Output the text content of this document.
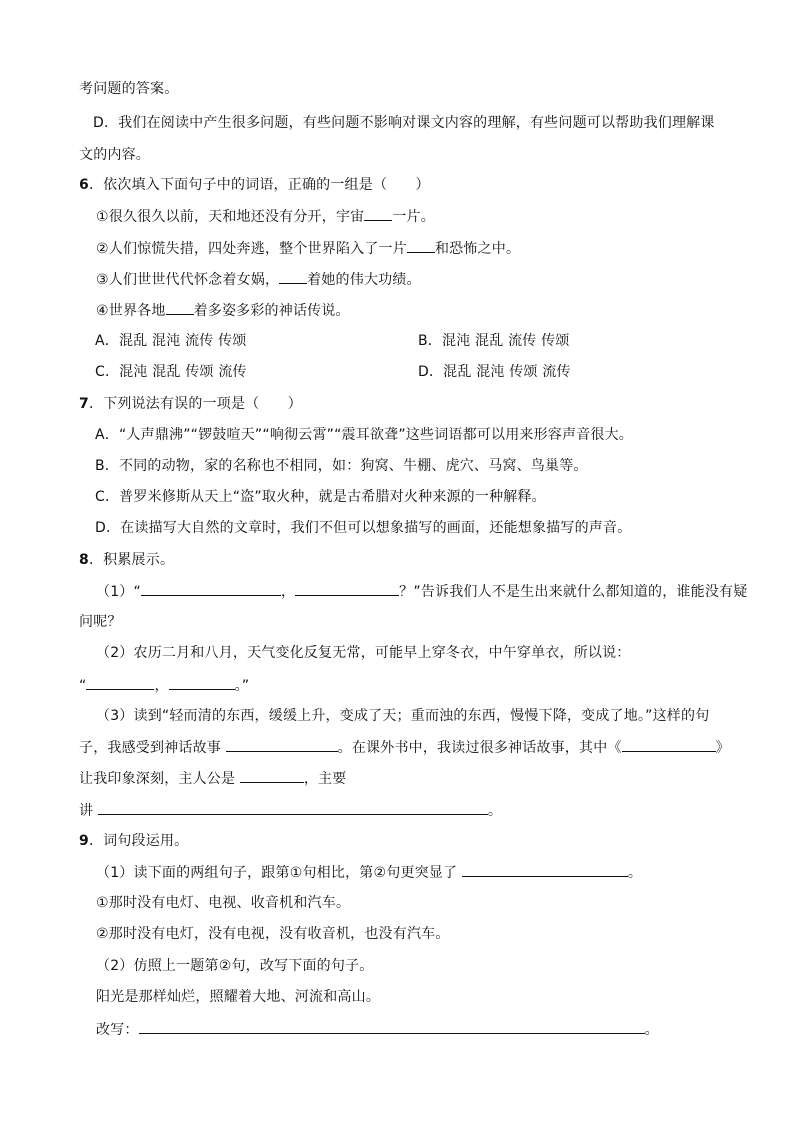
考问题的答案。
D．我们在阅读中产生很多问题，有些问题不影响对课文内容的理解，有些问题可以帮助我们理解课
文的内容。
6．依次填入下面句子中的词语，正确的一组是（　　）
①很久很久以前，天和地还没有分开，宇宙 一片。
②人们惊慌失措，四处奔逃，整个世界陷入了一片 和恐怖之中。
③人们世世代代怀念着女娲， 着她的伟大功绩。
④世界各地 着多姿多彩的神话传说。
A．混乱 混沌 流传 传颂	B．混沌 混乱 流传 传颂
C．混沌 混乱 传颂 流传	D．混乱 混沌 传颂 流传
7．下列说法有误的一项是（　　）
A．“人声鼎沸”“锣鼓喧天”“响彻云霄”“震耳欲聋”这些词语都可以用来形容声音很大。
B．不同的动物，家的名称也不相同，如：狗窝、牛棚、虎穴、马窝、鸟巢等。
C．普罗米修斯从天上“盗”取火种，就是古希腊对火种来源的一种解释。
D．在读描写大自然的文章时，我们不但可以想象描写的画面，还能想象描写的声音。
8．积累展示。
（1）“	，	？”告诉我们人不是生出来就什么都知道的，谁能没有疑
问呢？
（2）农历二月和八月，天气变化反复无常，可能早上穿冬衣，中午穿单衣，所以说：
“	，	。”
（3）读到“轻而清的东西，缓缓上升，变成了天；重而浊的东西，慢慢下降，变成了地。”这样的句
子，我感受到神话故事	。在课外书中，我读过很多神话故事，其中《	》
让我印象深刻，主人公是	，主要
讲	。
9．词句段运用。
（1）读下面的两组句子，跟第①句相比，第②句更突显了	。
①那时没有电灯、电视、收音机和汽车。
②那时没有电灯，没有电视，没有收音机，也没有汽车。
（2）仿照上一题第②句，改写下面的句子。
阳光是那样灿烂，照耀着大地、河流和高山。
改写：	。
